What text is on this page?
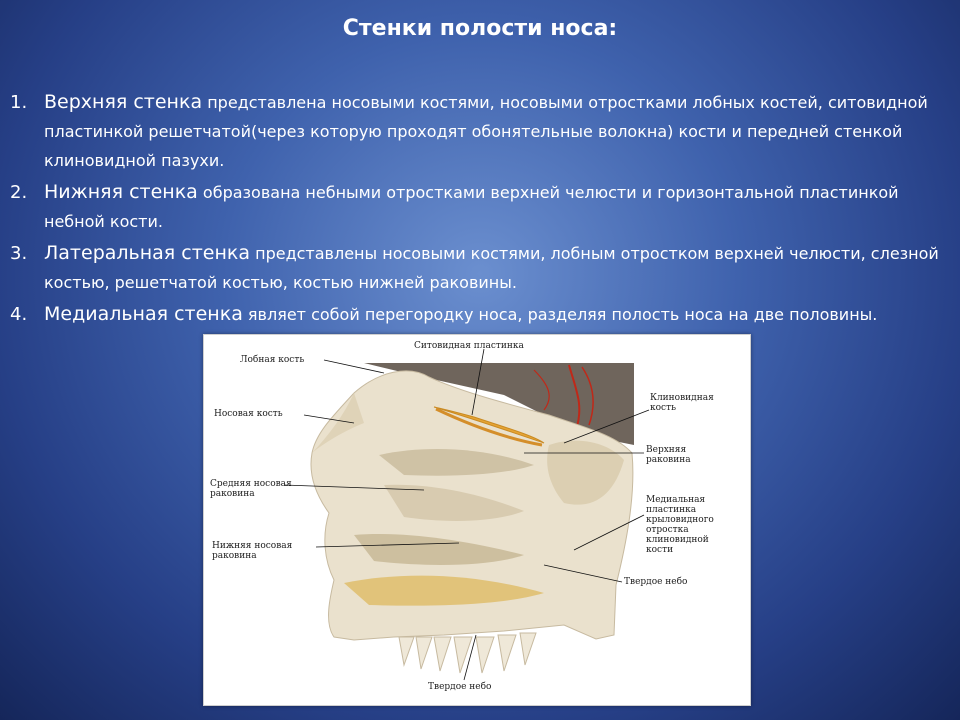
Стенки полости носа:
1. Верхняя стенка представлена носовыми костями, носовыми отростками лобных костей, ситовидной пластинкой решетчатой(через которую проходят обонятельные волокна) кости и передней стенкой клиновидной пазухи.
2. Нижняя стенка образована небными отростками верхней челюсти и горизонтальной пластинкой небной кости.
3. Латеральная стенка представлены носовыми костями, лобным отростком верхней челюсти, слезной костью, решетчатой костью, костью нижней раковины.
4. Медиальная стенка являет собой перегородку носа, разделяя полость носа на две половины.
Лобная кость
Ситовидная пластинка
Носовая кость
Клиновидная
кость
Верхняя
раковина
Средняя носовая
раковина
Медиальная
пластинка
крыловидного
отростка
клиновидной
кости
Нижняя носовая
раковина
Твердое небо
Твердое небо
